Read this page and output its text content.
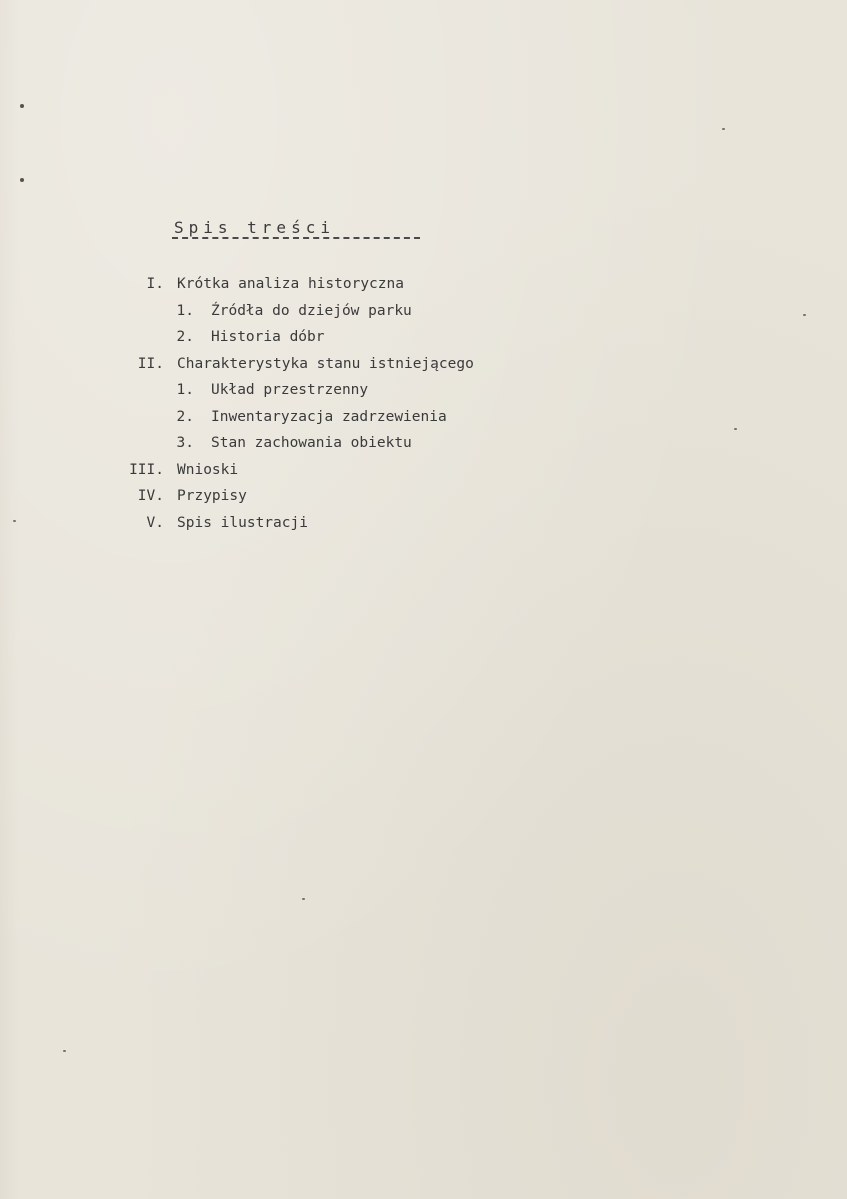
Spis treści
I. Krótka analiza historyczna
1. Źródła do dziejów parku
2. Historia dóbr
II. Charakterystyka stanu istniejącego
1. Układ przestrzenny
2. Inwentaryzacja zadrzewienia
3. Stan zachowania obiektu
III. Wnioski
IV. Przypisy
V. Spis ilustracji
